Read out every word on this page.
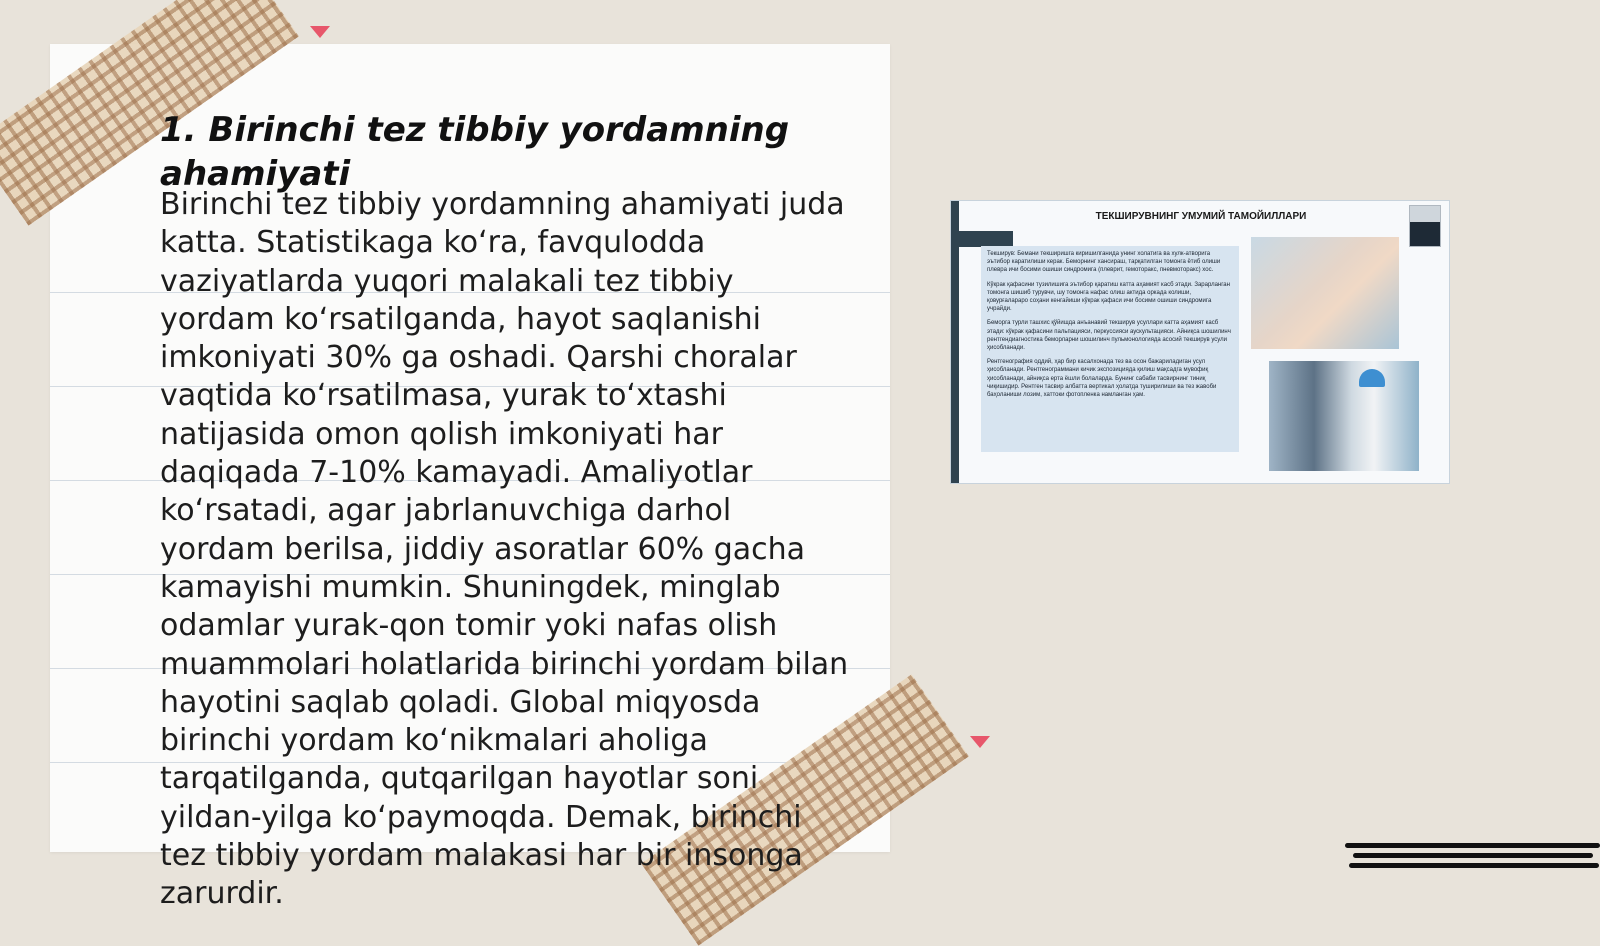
1. Birinchi tez tibbiy yordamning ahamiyati

Birinchi tez tibbiy yordamning ahamiyati juda katta. Statistikaga ko‘ra, favqulodda vaziyatlarda yuqori malakali tez tibbiy yordam ko‘rsatilganda, hayot saqlanishi imkoniyati 30% ga oshadi. Qarshi choralar vaqtida ko‘rsatilmasa, yurak to‘xtashi natijasida omon qolish imkoniyati har daqiqada 7-10% kamayadi. Amaliyotlar ko‘rsatadi, agar jabrlanuvchiga darhol yordam berilsa, jiddiy asoratlar 60% gacha kamayishi mumkin. Shuningdek, minglab odamlar yurak-qon tomir yoki nafas olish muammolari holatlarida birinchi yordam bilan hayotini saqlab qoladi. Global miqyosda birinchi yordam ko‘nikmalari aholiga tarqatilganda, qutqarilgan hayotlar soni yildan-yilga ko‘paymoqda. Demak, birinchi tez tibbiy yordam malakasi har bir insonga zarurdir.

ТЕКШИРУВНИНГ УМУМИЙ ТАМОЙИЛЛАРИ

Текширув: Бемани текширишга киришилганида унинг холатига ва хулк-атворига эътибор каратилиши керак. Беморнинг хансираш, тарқатилган томонга ётиб олиши плевра ичи босими ошиши синдромига (плеврит, гемоторакс, пневмоторакс) хос.

Кўкрак қафасини тузилишига эътибор қаратиш катта аҳамият касб этади. Зарарланган томонга шишиб турувчи, шу томонга нафас олиш актида оркада колиши, қовурғалараро соҳани кенгайиши кўкрак қафаси ичи босими ошиши синдромига учрайди.

Беморга турли ташхис қўйишда анъанавий текширув усуллари катта аҳамият касб этади: кўкрак қафасини пальпацияси, перкуссияси аускультацияси. Айниқса шошилинч рентгендиагностика беморларни шошилинч пульмонологияда асосий текширув усули ҳисобланади.

Рентгенография оддий, ҳар бир касалхонада тез ва осон бажариладиган усул ҳисобланади. Рентгенограммани кичик экспозицияда қилиш мақсадга мувофиқ ҳисобланади, айниқса ерта ёшли болаларда. Бунинг сабаби тасвирнинг тиниқ чиқишидир. Рентген тасвир албатта вертикал ҳолатда туширилиши ва тез жавоби баҳоланиши лозим, хаттоки фотопленка намланган ҳам.
